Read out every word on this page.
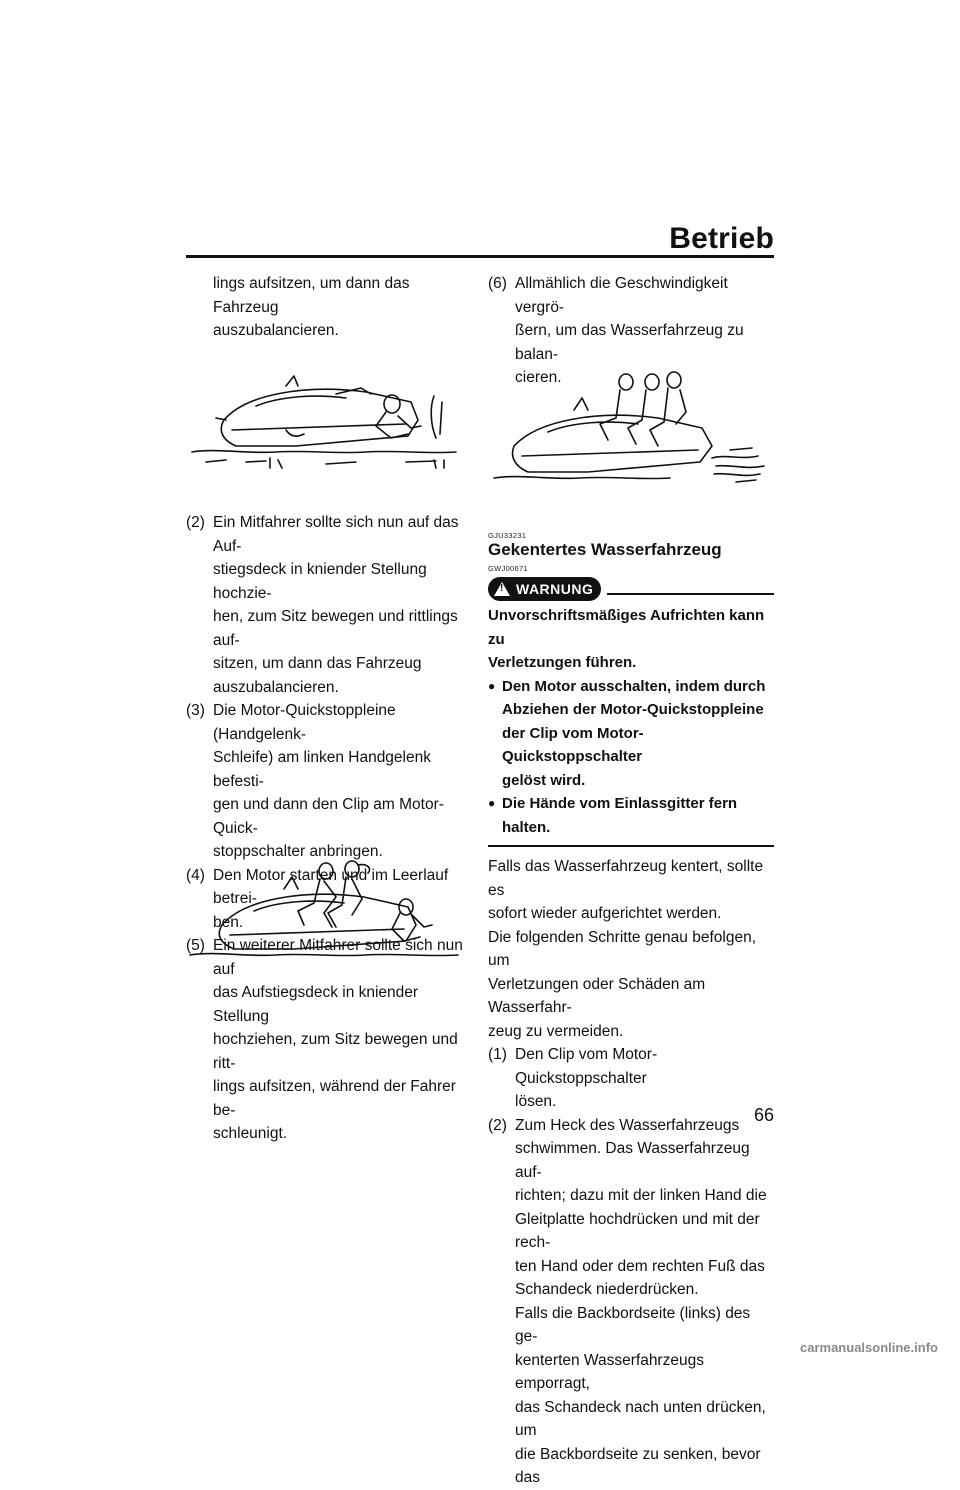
Betrieb

lings aufsitzen, um dann das Fahrzeug

auszubalancieren.

(2) Ein Mitfahrer sollte sich nun auf das Auf-

stiegsdeck in kniender Stellung hochzie-

hen, zum Sitz bewegen und rittlings auf-

sitzen, um dann das Fahrzeug

auszubalancieren.

(3) Die Motor-Quickstoppleine (Handgelenk-

Schleife) am linken Handgelenk befesti-

gen und dann den Clip am Motor-Quick-

stoppschalter anbringen.

(4) Den Motor starten und im Leerlauf betrei-

ben.

(5) Ein weiterer Mitfahrer sollte sich nun auf

das Aufstiegsdeck in kniender Stellung

hochziehen, zum Sitz bewegen und ritt-

lings aufsitzen, während der Fahrer be-

schleunigt.

(6) Allmählich die Geschwindigkeit vergrö-

ßern, um das Wasserfahrzeug zu balan-

cieren.

GJU33231
Gekentertes Wasserfahrzeug
GWJ00671
! WARNUNG

Unvorschriftsmäßiges Aufrichten kann zu

Verletzungen führen.

● Den Motor ausschalten, indem durch

Abziehen der Motor-Quickstoppleine

der Clip vom Motor-Quickstoppschalter

gelöst wird.

● Die Hände vom Einlassgitter fern halten.

Falls das Wasserfahrzeug kentert, sollte es

sofort wieder aufgerichtet werden.

Die folgenden Schritte genau befolgen, um

Verletzungen oder Schäden am Wasserfahr-

zeug zu vermeiden.

(1) Den Clip vom Motor-Quickstoppschalter

lösen.

(2) Zum Heck des Wasserfahrzeugs

schwimmen. Das Wasserfahrzeug auf-

richten; dazu mit der linken Hand die

Gleitplatte hochdrücken und mit der rech-

ten Hand oder dem rechten Fuß das

Schandeck niederdrücken.

Falls die Backbordseite (links) des ge-

kenterten Wasserfahrzeugs emporragt,

das Schandeck nach unten drücken, um

die Backbordseite zu senken, bevor das

66
carmanualsonline.info
